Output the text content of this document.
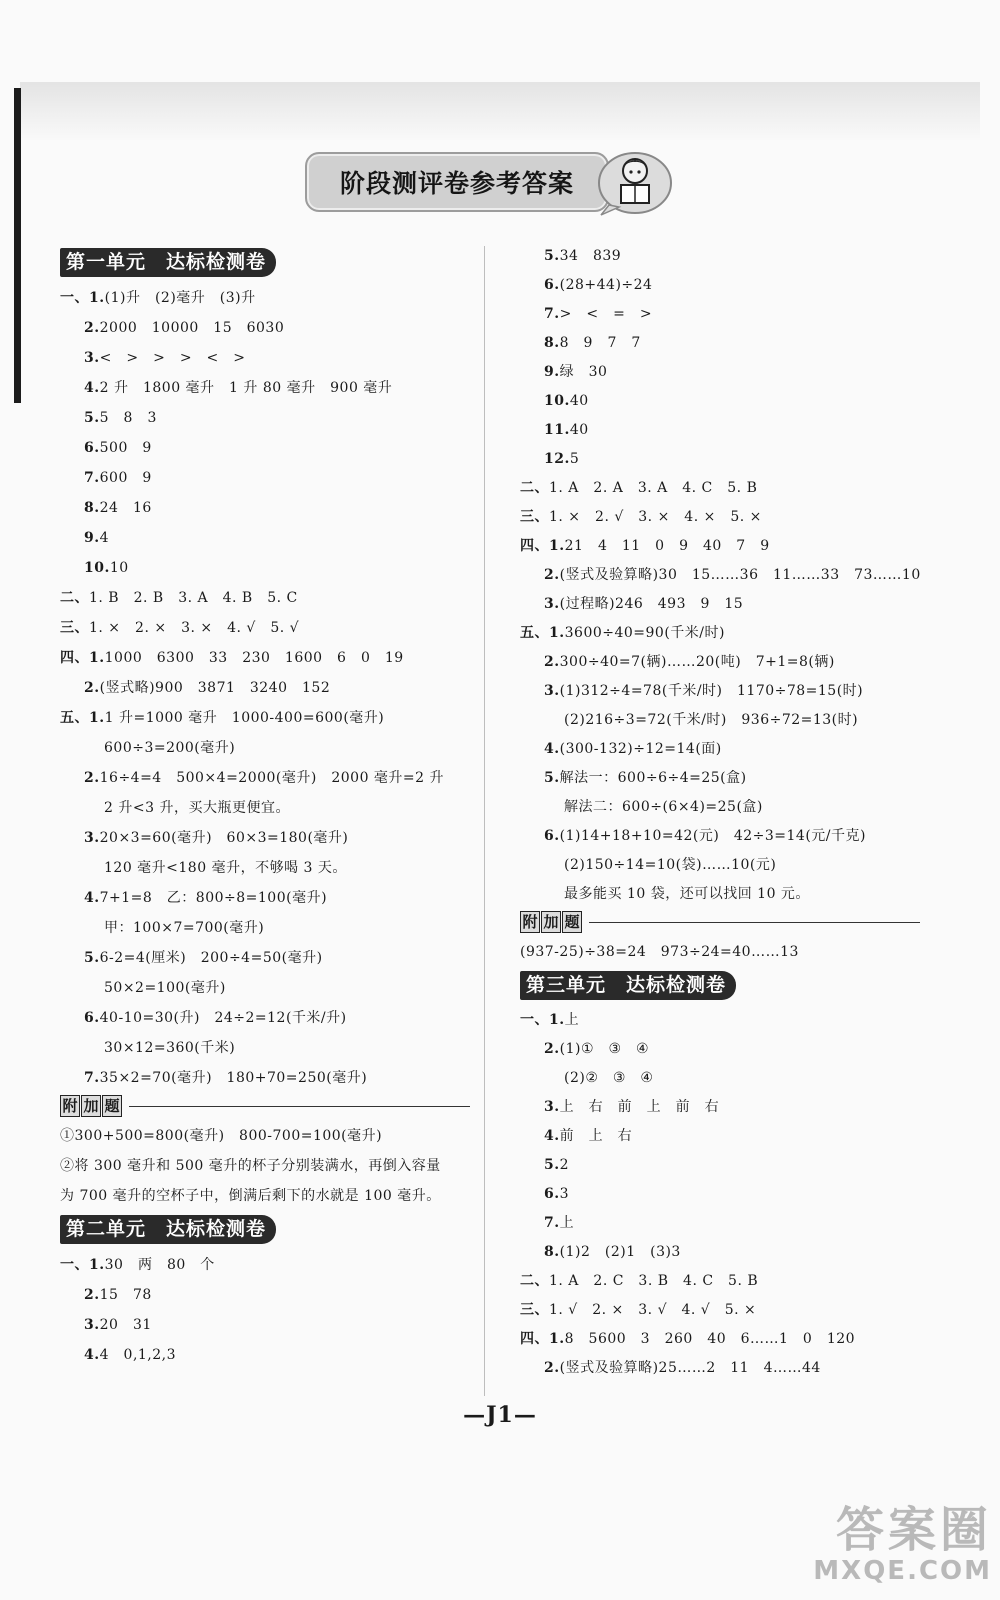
阶段测评卷参考答案
第一单元 达标检测卷
一、1.(1)升　(2)毫升　(3)升
2.2000　10000　15　6030
3.<　>　>　>　<　>
4.2 升　1800 毫升　1 升 80 毫升　900 毫升
5.5　8　3
6.500　9
7.600　9
8.24　16
9.4
10.10
二、1. B　2. B　3. A　4. B　5. C
三、1. ×　2. ×　3. ×　4. √　5. √
四、1.1000　6300　33　230　1600　6　0　19
2.(竖式略)900　3871　3240　152
五、1.1 升=1000 毫升　1000-400=600(毫升)
600÷3=200(毫升)
2.16÷4=4　500×4=2000(毫升)　2000 毫升=2 升
2 升<3 升，买大瓶更便宜。
3.20×3=60(毫升)　60×3=180(毫升)
120 毫升<180 毫升，不够喝 3 天。
4.7+1=8　乙：800÷8=100(毫升)
甲：100×7=700(毫升)
5.6-2=4(厘米)　200÷4=50(毫升)
50×2=100(毫升)
6.40-10=30(升)　24÷2=12(千米/升)
30×12=360(千米)
7.35×2=70(毫升)　180+70=250(毫升)
附 加 题
①300+500=800(毫升)　800-700=100(毫升)
②将 300 毫升和 500 毫升的杯子分别装满水，再倒入容量
为 700 毫升的空杯子中，倒满后剩下的水就是 100 毫升。
第二单元 达标检测卷
一、1.30　两　80　个
2.15　78
3.20　31
4.4　0,1,2,3
5.34　839
6.(28+44)÷24
7.>　<　=　>
8.8　9　7　7
9.绿　30
10.40
11.40
12.5
二、1. A　2. A　3. A　4. C　5. B
三、1. ×　2. √　3. ×　4. ×　5. ×
四、1.21　4　11　0　9　40　7　9
2.(竖式及验算略)30　15……36　11……33　73……10
3.(过程略)246　493　9　15
五、1.3600÷40=90(千米/时)
2.300÷40=7(辆)……20(吨)　7+1=8(辆)
3.(1)312÷4=78(千米/时)　1170÷78=15(时)
(2)216÷3=72(千米/时)　936÷72=13(时)
4.(300-132)÷12=14(面)
5.解法一：600÷6÷4=25(盒)
解法二：600÷(6×4)=25(盒)
6.(1)14+18+10=42(元)　42÷3=14(元/千克)
(2)150÷14=10(袋)……10(元)
最多能买 10 袋，还可以找回 10 元。
附 加 题
(937-25)÷38=24　973÷24=40……13
第三单元 达标检测卷
一、1.上
2.(1)①　③　④
(2)②　③　④
3.上　右　前　上　前　右
4.前　上　右
5.2
6.3
7.上
8.(1)2　(2)1　(3)3
二、1. A　2. C　3. B　4. C　5. B
三、1. √　2. ×　3. √　4. √　5. ×
四、1.8　5600　3　260　40　6……1　0　120
2.(竖式及验算略)25……2　11　4……44
—J1—
答案圈
MXQE.COM
